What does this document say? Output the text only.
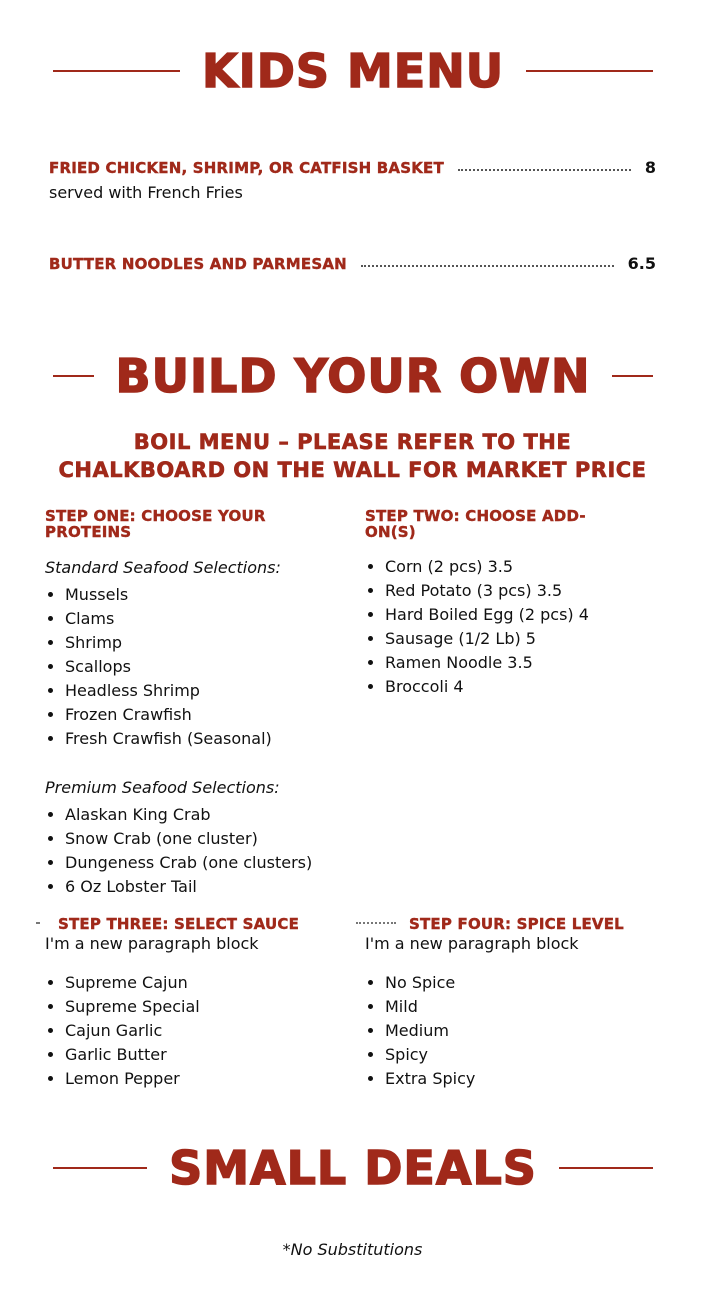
KIDS MENU
FRIED CHICKEN, SHRIMP, OR CATFISH BASKET	8
served with French Fries
BUTTER NOODLES AND PARMESAN	6.5
BUILD YOUR OWN
BOIL MENU – PLEASE REFER TO THE
CHALKBOARD ON THE WALL FOR MARKET PRICE
STEP ONE: CHOOSE YOUR PROTEINS
Standard Seafood Selections:
• Mussels
• Clams
• Shrimp
• Scallops
• Headless Shrimp
• Frozen Crawfish
• Fresh Crawfish (Seasonal)
Premium Seafood Selections:
• Alaskan King Crab
• Snow Crab (one cluster)
• Dungeness Crab (one clusters)
• 6 Oz Lobster Tail
STEP TWO: CHOOSE ADD-ON(S)
• Corn (2 pcs) 3.5
• Red Potato (3 pcs) 3.5
• Hard Boiled Egg (2 pcs) 4
• Sausage (1/2 Lb) 5
• Ramen Noodle 3.5
• Broccoli 4
STEP THREE: SELECT SAUCE
I'm a new paragraph block
• Supreme Cajun
• Supreme Special
• Cajun Garlic
• Garlic Butter
• Lemon Pepper
STEP FOUR: SPICE LEVEL
I'm a new paragraph block
• No Spice
• Mild
• Medium
• Spicy
• Extra Spicy
SMALL DEALS
*No Substitutions
